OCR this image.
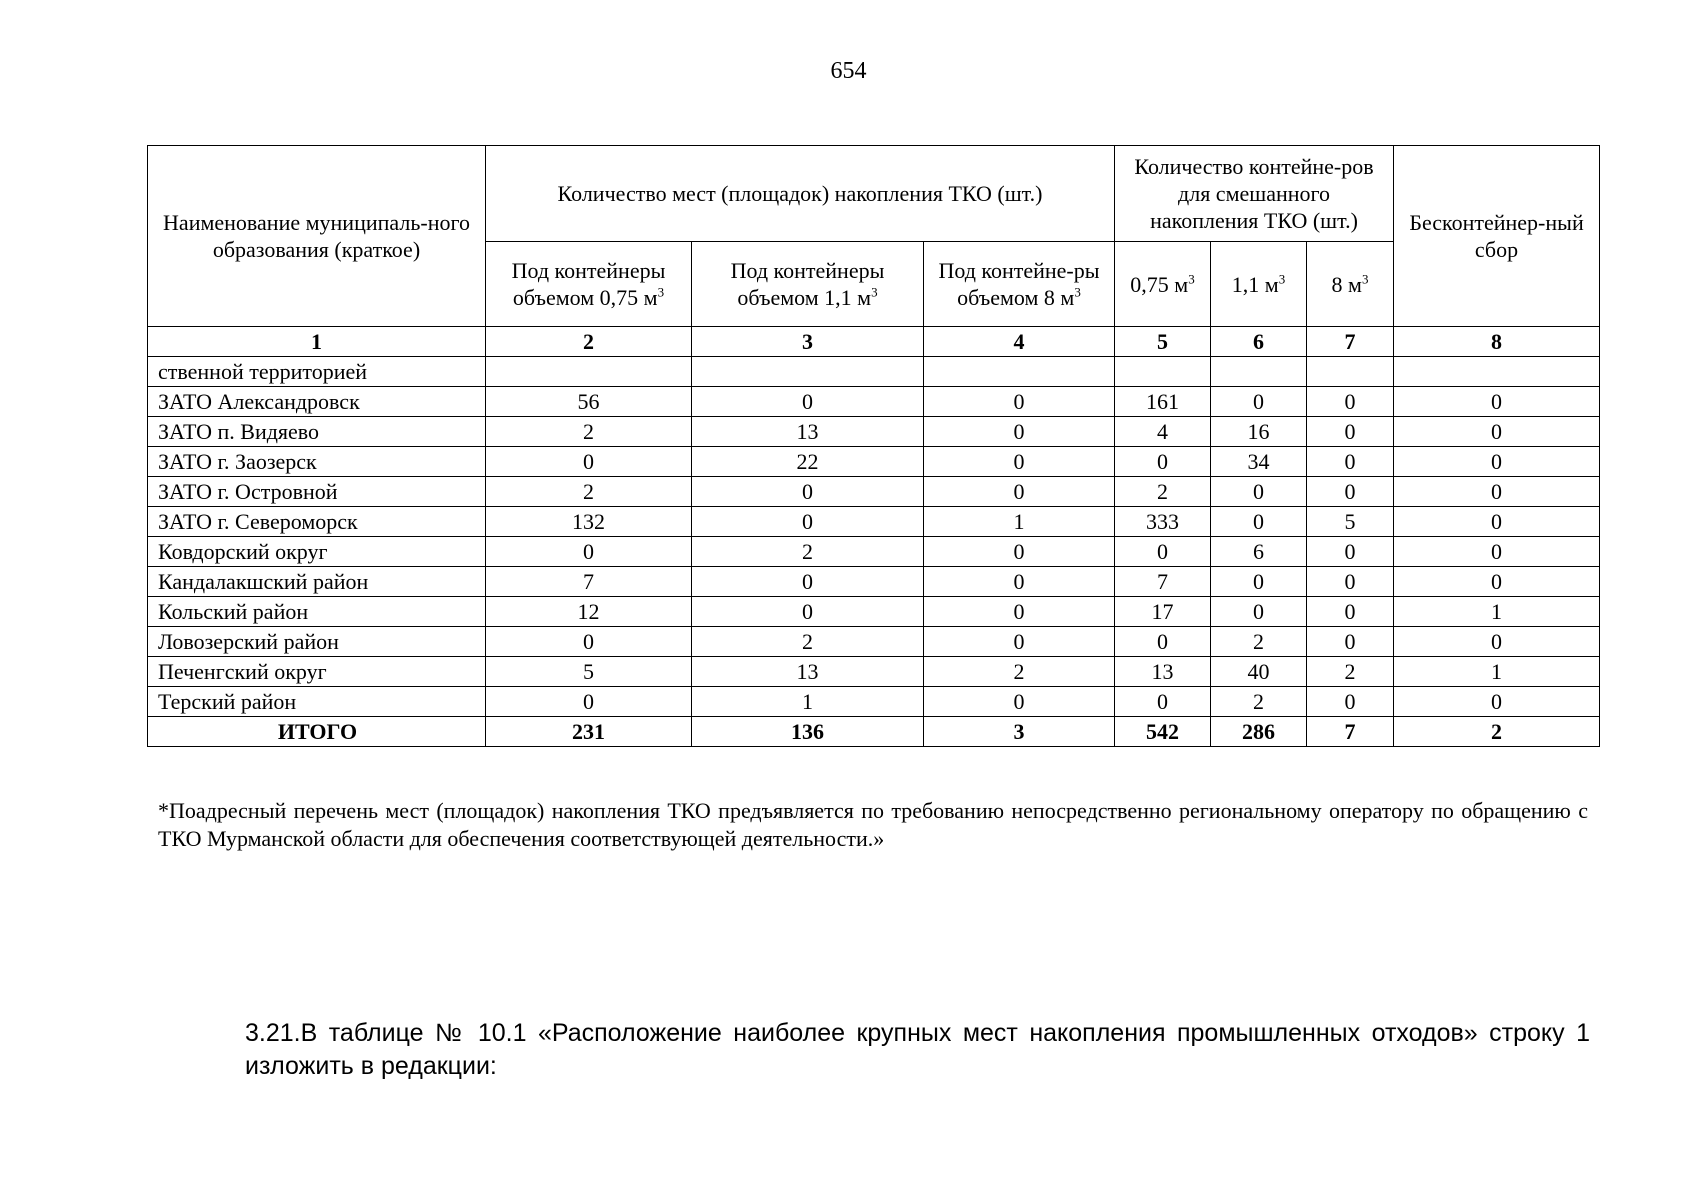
654
Наименование муниципаль-ного образования (краткое)	Количество мест (площадок) накопления ТКО (шт.)			Количество контейне-ров для смешанного накопления ТКО (шт.)			Бесконтейнер-ный сбор
	Под контейнеры объемом 0,75 $м^3$	Под контейнеры объемом 1,1 $м^3$	Под контейне-ры объемом 8 $м^3$	0,75 $м^3$	1,1 $м^3$	8 $м^3$
1	2	3	4	5	6	7	8
ственной территорией							
ЗАТО Александровск	56	0	0	161	0	0	0
ЗАТО п. Видяево	2	13	0	4	16	0	0
ЗАТО г. Заозерск	0	22	0	0	34	0	0
ЗАТО г. Островной	2	0	0	2	0	0	0
ЗАТО г. Североморск	132	0	1	333	0	5	0
Ковдорский округ	0	2	0	0	6	0	0
Кандалакшский район	7	0	0	7	0	0	0
Кольский район	12	0	0	17	0	0	1
Ловозерский район	0	2	0	0	2	0	0
Печенгский округ	5	13	2	13	40	2	1
Терский район	0	1	0	0	2	0	0
ИТОГО	231	136	3	542	286	7	2
*Поадресный перечень мест (площадок) накопления ТКО предъявляется по требованию непосредственно региональному оператору по обращению с ТКО Мурманской области для обеспечения соответствующей деятельности.»
3.21.В таблице № 10.1 «Расположение наиболее крупных мест накопления промышленных отходов» строку 1 изложить в редакции:
